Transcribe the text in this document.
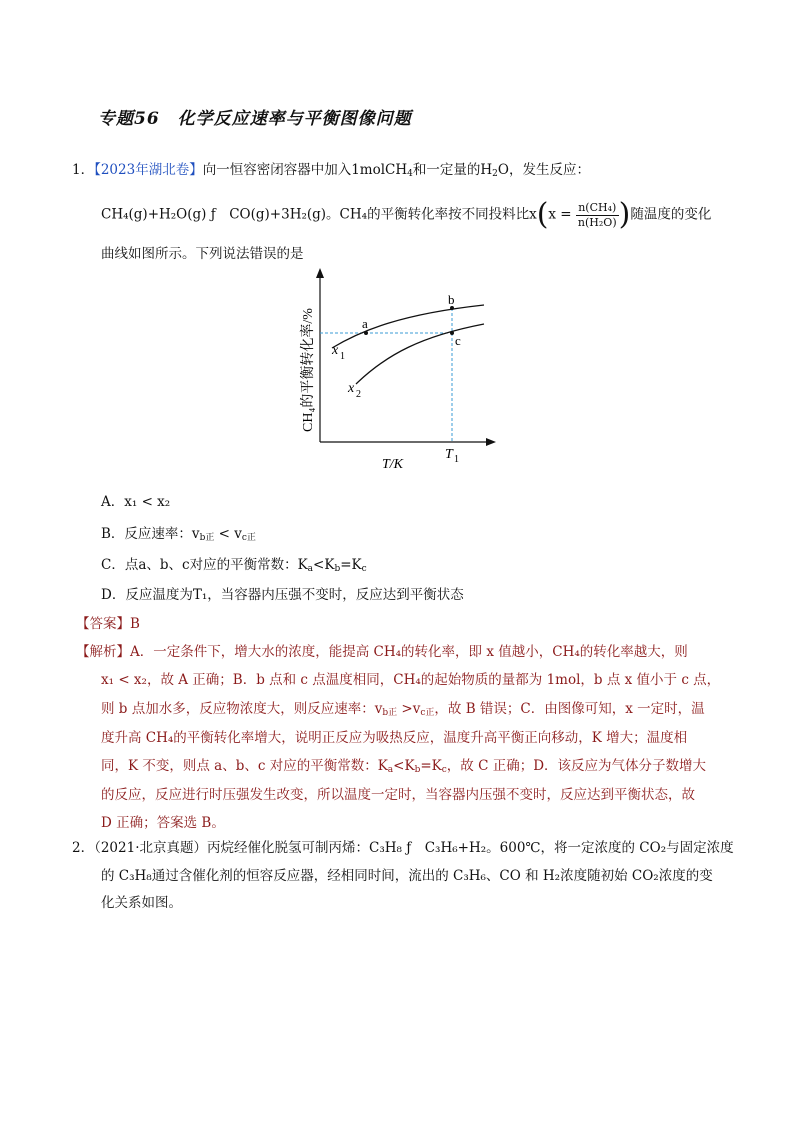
专题56　化学反应速率与平衡图像问题
1．【2023年湖北卷】向一恒容密闭容器中加入1molCH$_4$和一定量的$H_2O$，发生反应：
CH₄(g)+H₂O(g) ƒ　CO(g)+3H₂(g)。CH₄的平衡转化率按不同投料比$x(x = \frac{\text{n(CH₄)}}{\text{n(H₂O)}}$ )随温度的变化
曲线如图所示。下列说法错误的是
a
b
c
x 1
x 2
T 1
T/K
CH₄的平衡转化率/%
A．x₁ < x₂
B．反应速率：$v_{b正} < v_{c正}$
C．点a、b、c对应的平衡常数：$K_a<K_b=K_c$
D．反应温度为T₁，当容器内压强不变时，反应达到平衡状态
【答案】B
【解析】A．一定条件下，增大水的浓度，能提高 CH₄的转化率，即 x 值越小，CH₄的转化率越大，则
x₁ < x₂，故 A 正确；B．b 点和 c 点温度相同，CH₄的起始物质的量都为 1mol，b 点 x 值小于 c 点，
则 b 点加水多，反应物浓度大，则反应速率：$v_{b正} >v_{c正}$，故 B 错误；C．由图像可知，x 一定时，温
度升高 CH₄的平衡转化率增大，说明正反应为吸热反应，温度升高平衡正向移动，K 增大；温度相
同，K 不变，则点 a、b、c 对应的平衡常数：$K_a<K_b=K_c$，故 C 正确；D．该反应为气体分子数增大
的反应，反应进行时压强发生改变，所以温度一定时，当容器内压强不变时，反应达到平衡状态，故
D 正确；答案选 B。
2．（2021·北京真题）丙烷经催化脱氢可制丙烯：C₃H₈ ƒ　C₃H₆+H₂。600℃，将一定浓度的 CO₂与固定浓度
的 C₃H₈通过含催化剂的恒容反应器，经相同时间，流出的 C₃H₆、CO 和 H₂浓度随初始 CO₂浓度的变
化关系如图。
